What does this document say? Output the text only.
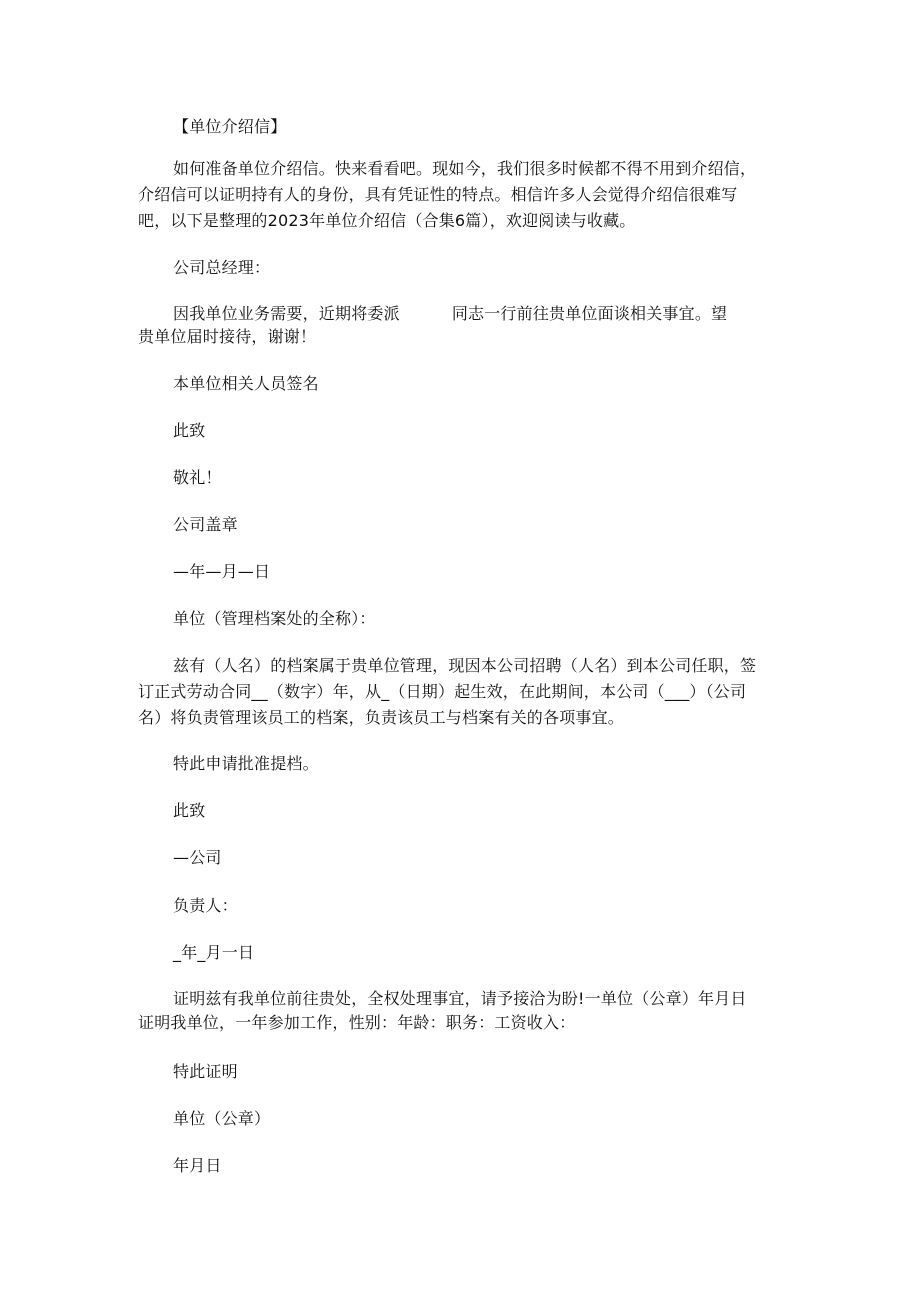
【单位介绍信】
如何准备单位介绍信。快来看看吧。现如今，我们很多时候都不得不用到介绍信，
介绍信可以证明持有人的身份，具有凭证性的特点。相信许多人会觉得介绍信很难写
吧，以下是整理的2023年单位介绍信（合集6篇），欢迎阅读与收藏。
公司总经理：
因我单位业务需要，近期将委派	同志一行前往贵单位面谈相关事宜。望
贵单位届时接待，谢谢！
本单位相关人员签名
此致
敬礼！
公司盖章
—年—月—日
单位（管理档案处的全称）：
兹有（人名）的档案属于贵单位管理，现因本公司招聘（人名）到本公司任职，签
订正式劳动合同__（数字）年，从_（日期）起生效，在此期间，本公司（___）（公司
名）将负责管理该员工的档案，负责该员工与档案有关的各项事宜。
特此申请批准提档。
此致
—公司
负责人：
_年_月一日
证明兹有我单位前往贵处，全权处理事宜，请予接洽为盼!一单位（公章）年月日
证明我单位，一年参加工作，性别：年龄：职务：工资收入：
特此证明
单位（公章）
年月日
